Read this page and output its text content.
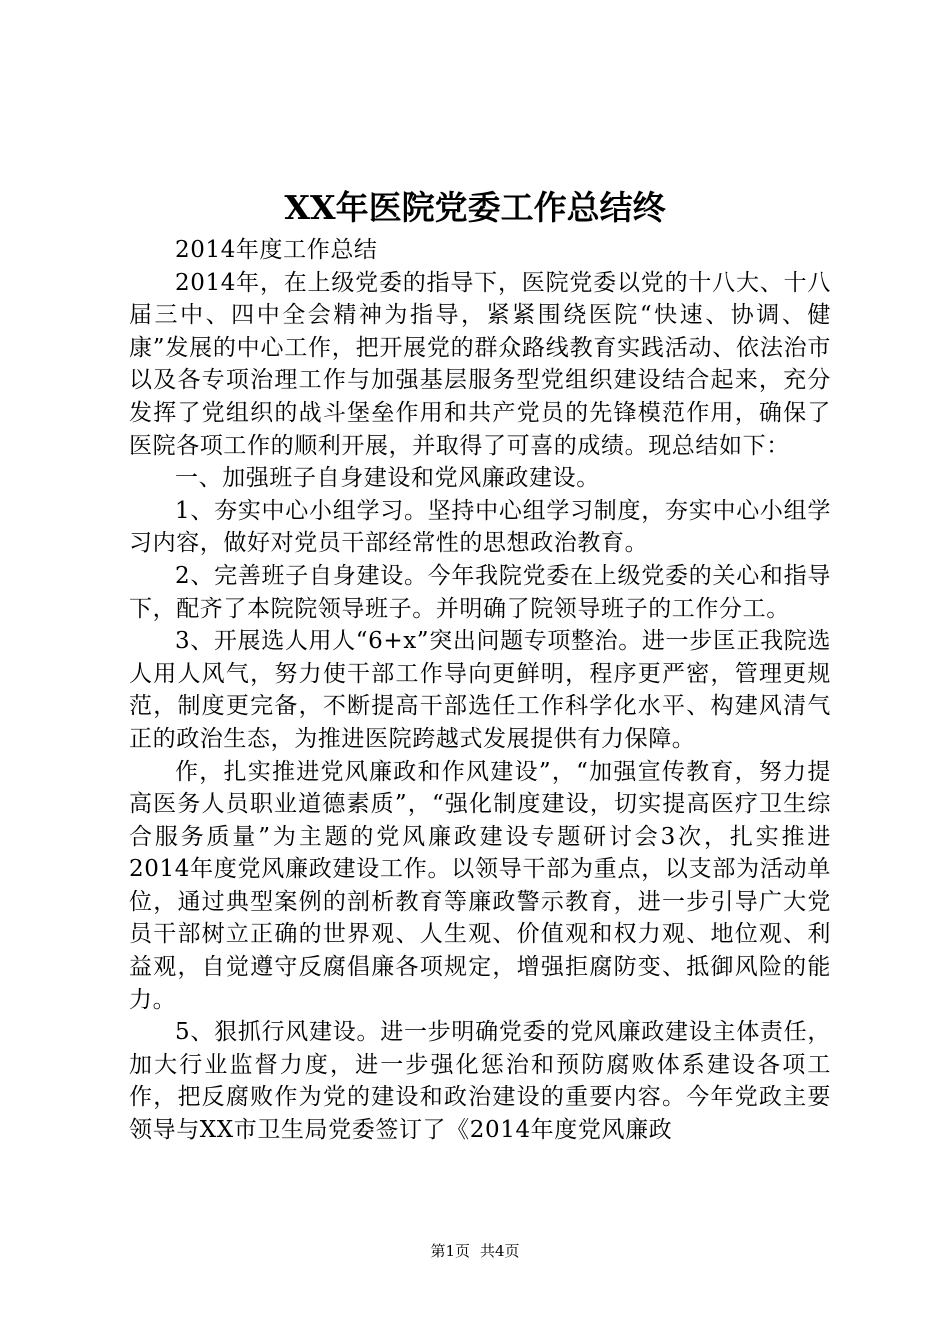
XX年医院党委工作总结终

2014年度工作总结

2014年，在上级党委的指导下，医院党委以党的十八大、十八届三中、四中全会精神为指导，紧紧围绕医院“快速、协调、健康”发展的中心工作，把开展党的群众路线教育实践活动、依法治市以及各专项治理工作与加强基层服务型党组织建设结合起来，充分发挥了党组织的战斗堡垒作用和共产党员的先锋模范作用，确保了医院各项工作的顺利开展，并取得了可喜的成绩。现总结如下：

一、加强班子自身建设和党风廉政建设。

1、夯实中心小组学习。坚持中心组学习制度，夯实中心小组学习内容，做好对党员干部经常性的思想政治教育。

2、完善班子自身建设。今年我院党委在上级党委的关心和指导下，配齐了本院院领导班子。并明确了院领导班子的工作分工。

3、开展选人用人“6+x”突出问题专项整治。进一步匡正我院选人用人风气，努力使干部工作导向更鲜明，程序更严密，管理更规范，制度更完备，不断提高干部选任工作科学化水平、构建风清气正的政治生态，为推进医院跨越式发展提供有力保障。

作，扎实推进党风廉政和作风建设”，“加强宣传教育，努力提高医务人员职业道德素质”，“强化制度建设，切实提高医疗卫生综合服务质量”为主题的党风廉政建设专题研讨会3次，扎实推进2014年度党风廉政建设工作。以领导干部为重点，以支部为活动单位，通过典型案例的剖析教育等廉政警示教育，进一步引导广大党员干部树立正确的世界观、人生观、价值观和权力观、地位观、利益观，自觉遵守反腐倡廉各项规定，增强拒腐防变、抵御风险的能力。

5、狠抓行风建设。进一步明确党委的党风廉政建设主体责任，加大行业监督力度，进一步强化惩治和预防腐败体系建设各项工作，把反腐败作为党的建设和政治建设的重要内容。今年党政主要领导与XX市卫生局党委签订了《2014年度党风廉政

第1页 共4页
